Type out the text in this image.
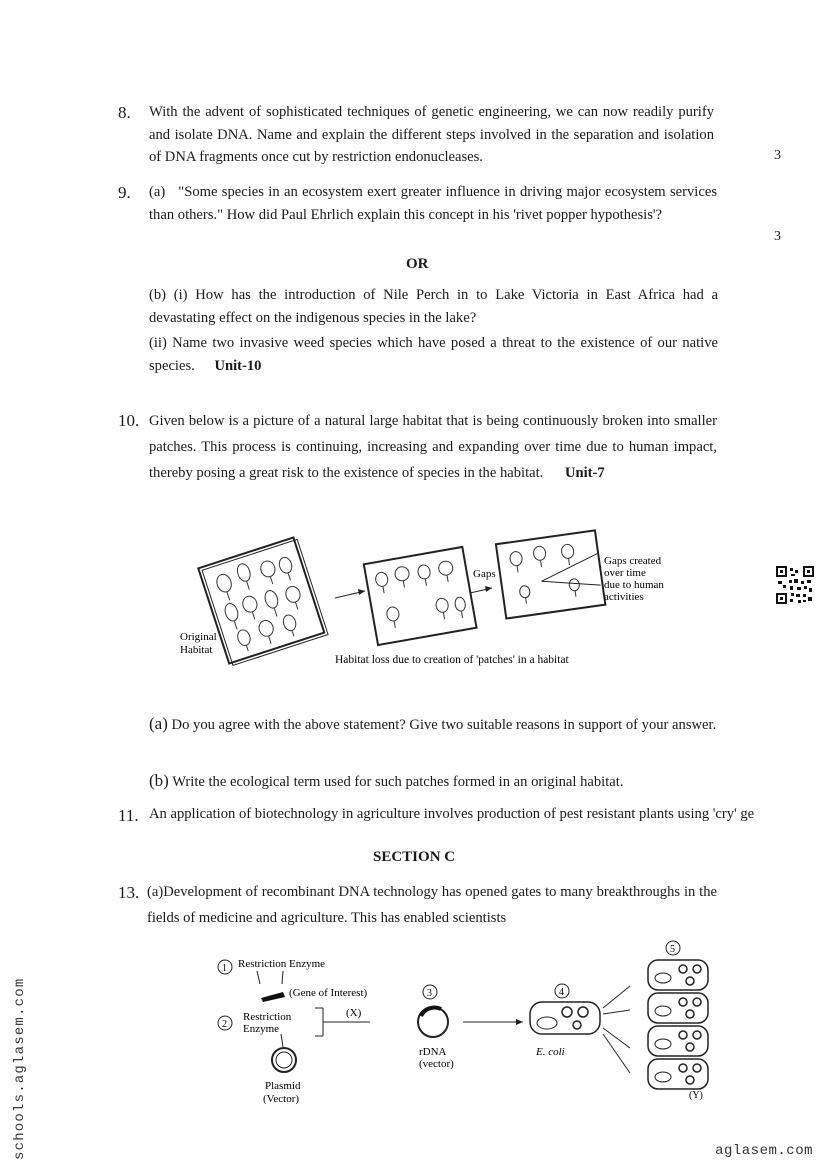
8. With the advent of sophisticated techniques of genetic engineering, we can now readily purify and isolate DNA. Name and explain the different steps involved in the separation and isolation of DNA fragments once cut by restriction endonucleases.	3
9. (a)   "Some species in an ecosystem exert greater influence in driving major ecosystem services than others." How did Paul Ehrlich explain this concept in his 'rivet popper hypothesis'?
3
OR
(b) (i) How has the introduction of Nile Perch in to Lake Victoria in East Africa had a devastating effect on the indigenous species in the lake?
(ii) Name two invasive weed species which have posed a threat to the existence of our native species. Unit-10
10. Given below is a picture of a natural large habitat that is being continuously broken into smaller patches. This process is continuing, increasing and expanding over time due to human impact, thereby posing a great risk to the existence of species in the habitat. Unit-7
Original
Habitat
Gaps
Gaps created
over time
due to human
activities
Habitat loss due to creation of 'patches' in a habitat
(a) Do you agree with the above statement? Give two suitable reasons in support of your answer.
(b) Write the ecological term used for such patches formed in an original habitat.
11. An application of biotechnology in agriculture involves production of pest resistant plants using 'cry' ge
SECTION C
13. (a)Development of recombinant DNA technology has opened gates to many breakthroughs in the fields of medicine and agriculture. This has enabled scientists
1 Restriction Enzyme
(Gene of Interest)
2
Restriction
Enzyme
(X)
Plasmid
(Vector)
3
rDNA
(vector)
4
E. coli
5
(Y)
schools.aglasem.com	aglasem.com
